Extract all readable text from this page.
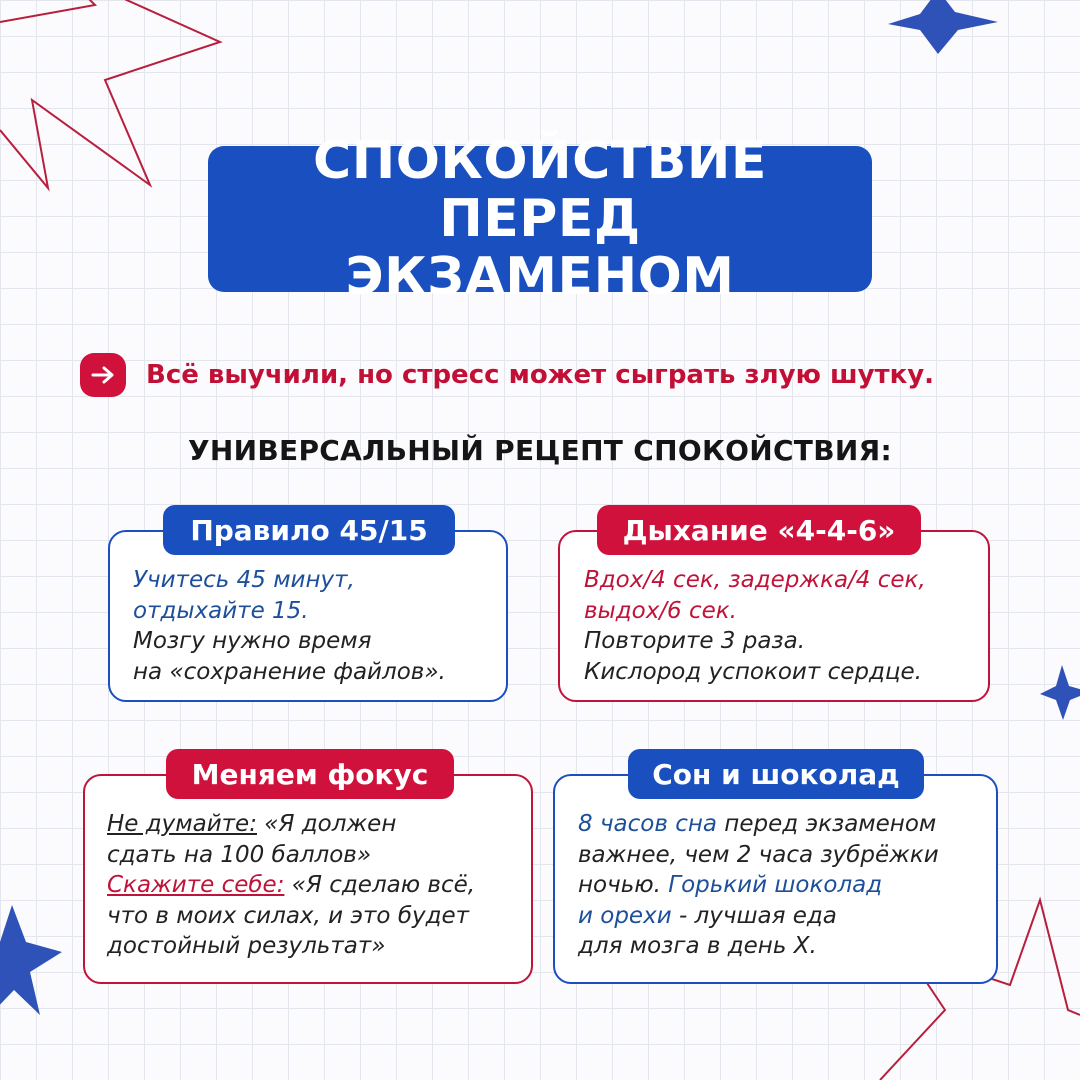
СПОКОЙСТВИЕ ПЕРЕД
ЭКЗАМЕНОМ
Всё выучили, но стресс может сыграть злую шутку.
УНИВЕРСАЛЬНЫЙ РЕЦЕПТ СПОКОЙСТВИЯ:
Правило 45/15
Учитесь 45 минут,
отдыхайте 15.
Мозгу нужно время
на «сохранение файлов».
Дыхание «4-4-6»
Вдох/4 сек, задержка/4 сек,
выдох/6 сек.
Повторите 3 раза.
Кислород успокоит сердце.
Меняем фокус
Не думайте: «Я должен
сдать на 100 баллов»
Скажите себе: «Я сделаю всё,
что в моих силах, и это будет
достойный результат»
Сон и шоколад
8 часов сна перед экзаменом
важнее, чем 2 часа зубрёжки
ночью. Горький шоколад
и орехи - лучшая еда
для мозга в день Х.
